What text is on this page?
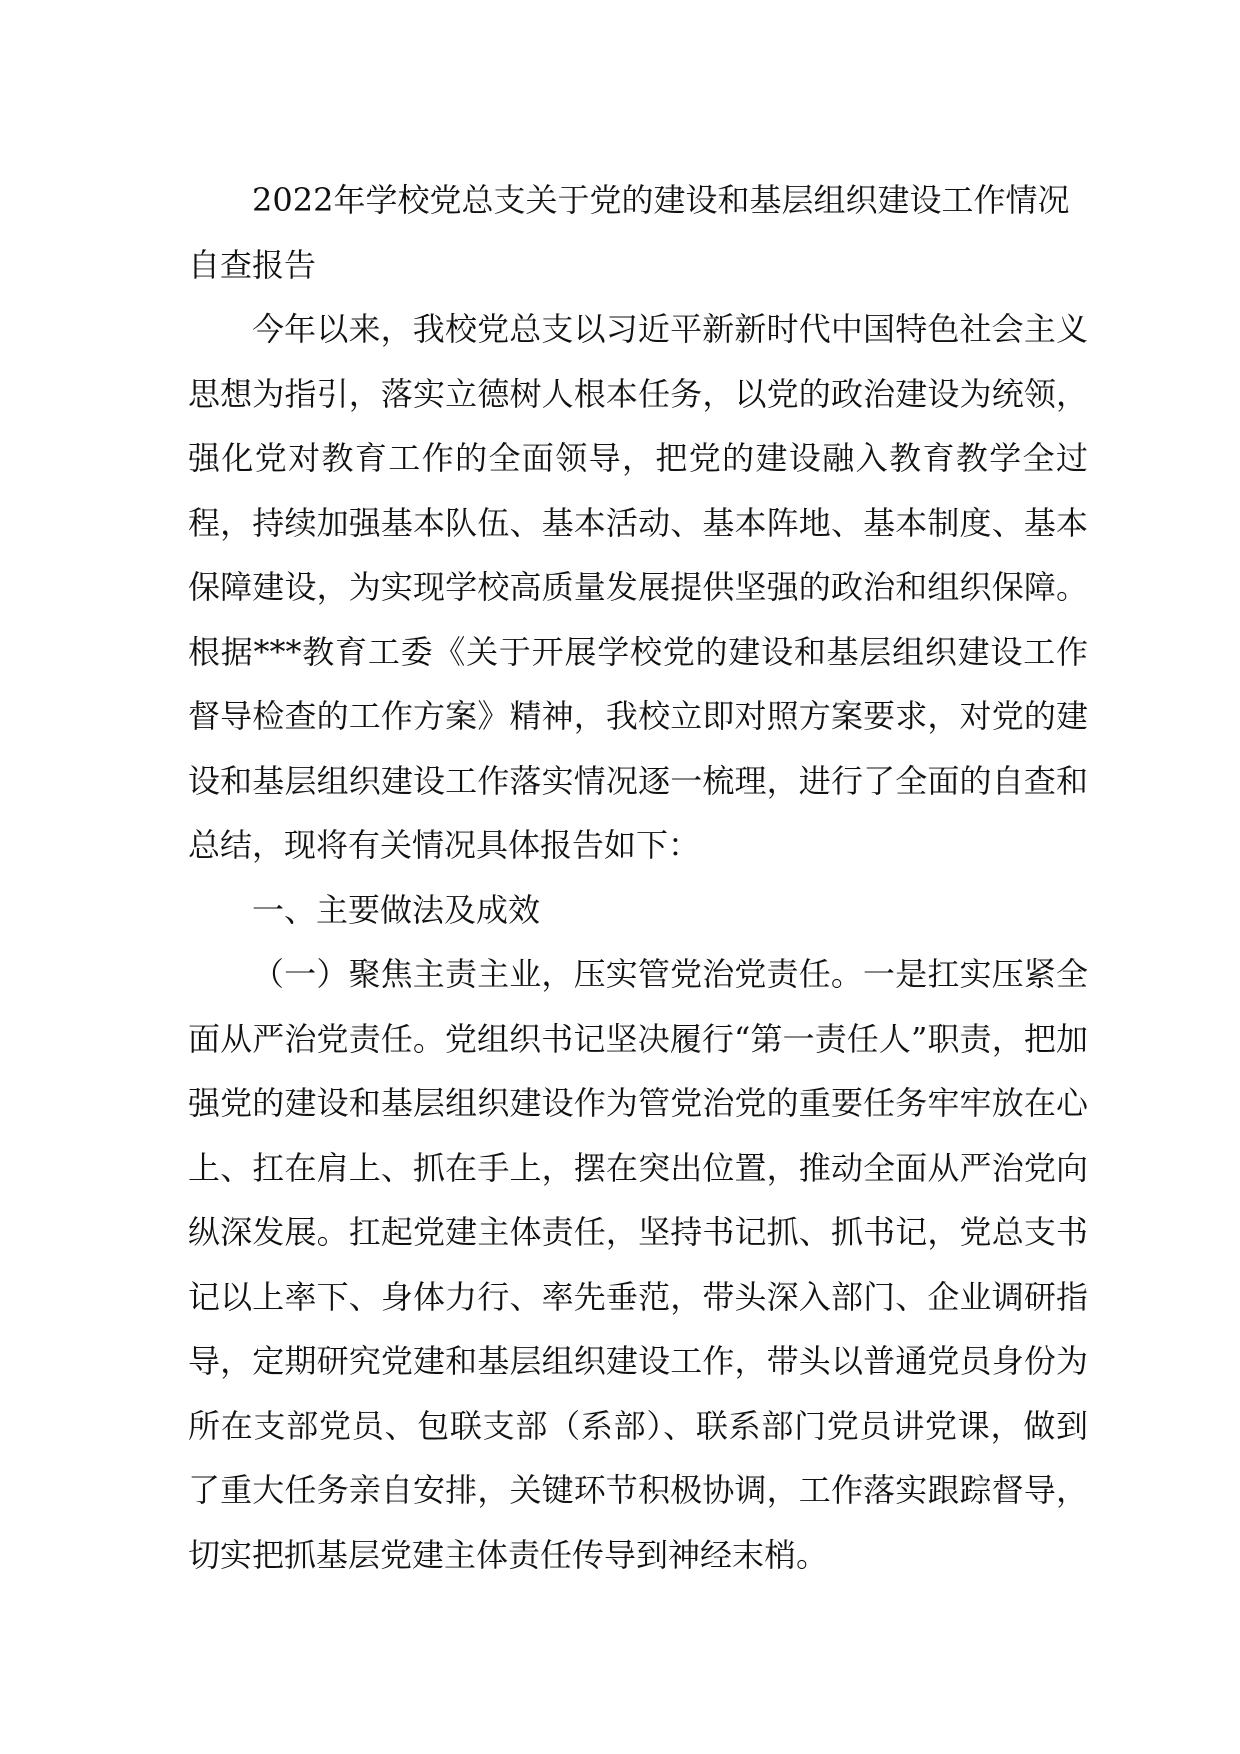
2022年学校党总支关于党的建设和基层组织建设工作情况自查报告

今年以来，我校党总支以习近平新新时代中国特色社会主义思想为指引，落实立德树人根本任务，以党的政治建设为统领，强化党对教育工作的全面领导，把党的建设融入教育教学全过程，持续加强基本队伍、基本活动、基本阵地、基本制度、基本保障建设，为实现学校高质量发展提供坚强的政治和组织保障。根据***教育工委《关于开展学校党的建设和基层组织建设工作督导检查的工作方案》精神，我校立即对照方案要求，对党的建设和基层组织建设工作落实情况逐一梳理，进行了全面的自查和总结，现将有关情况具体报告如下：

一、主要做法及成效

（一）聚焦主责主业，压实管党治党责任。一是扛实压紧全面从严治党责任。党组织书记坚决履行“第一责任人”职责，把加强党的建设和基层组织建设作为管党治党的重要任务牢牢放在心上、扛在肩上、抓在手上，摆在突出位置，推动全面从严治党向纵深发展。扛起党建主体责任，坚持书记抓、抓书记，党总支书记以上率下、身体力行、率先垂范，带头深入部门、企业调研指导，定期研究党建和基层组织建设工作，带头以普通党员身份为所在支部党员、包联支部（系部）、联系部门党员讲党课，做到了重大任务亲自安排，关键环节积极协调，工作落实跟踪督导，切实把抓基层党建主体责任传导到神经末梢。
